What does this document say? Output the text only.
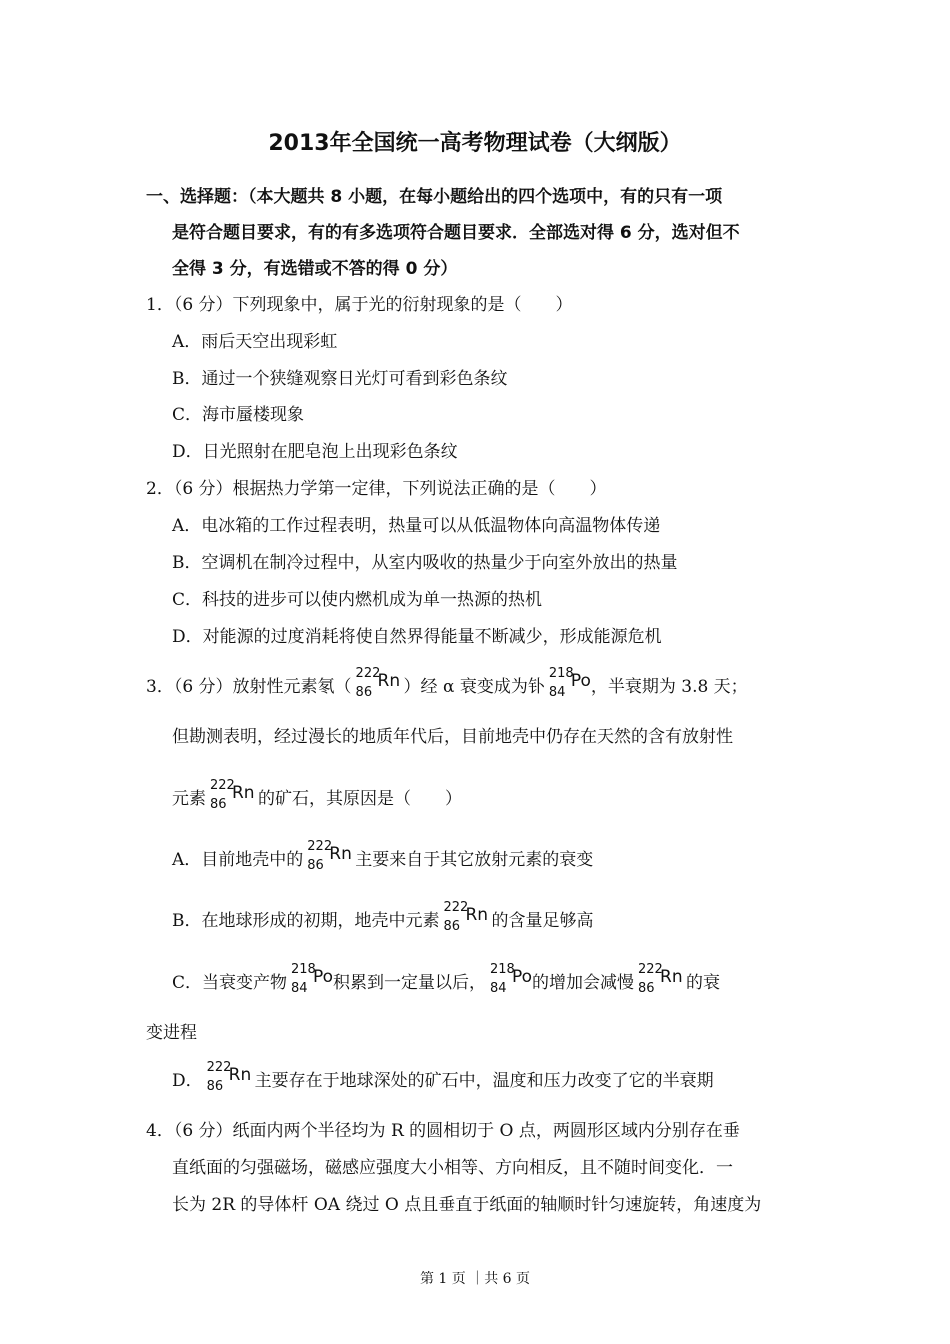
2013年全国统一高考物理试卷（大纲版）
一、选择题：（本大题共 8 小题，在每小题给出的四个选项中，有的只有一项
是符合题目要求，有的有多选项符合题目要求．全部选对得 6 分，选对但不
全得 3 分，有选错或不答的得 0 分）
1．（6 分）下列现象中，属于光的衍射现象的是（　　）
A．雨后天空出现彩虹
B．通过一个狭缝观察日光灯可看到彩色条纹
C．海市蜃楼现象
D．日光照射在肥皂泡上出现彩色条纹
2．（6 分）根据热力学第一定律，下列说法正确的是（　　）
A．电冰箱的工作过程表明，热量可以从低温物体向高温物体传递
B．空调机在制冷过程中，从室内吸收的热量少于向室外放出的热量
C．科技的进步可以使内燃机成为单一热源的热机
D．对能源的过度消耗将使自然界得能量不断减少，形成能源危机
3．（6 分）放射性元素氡（
222
86
Rn ）经 α 衰变成为钋
218
84
Po ，半衰期为 3.8 天；
但勘测表明，经过漫长的地质年代后，目前地壳中仍存在天然的含有放射性
元素
222
86
Rn 的矿石，其原因是（　　）
A．目前地壳中的
222
86
Rn 主要来自于其它放射元素的衰变
B．在地球形成的初期，地壳中元素
222
86
Rn 的含量足够高
C．当衰变产物
218
84
Po 积累到一定量以后，
218
84
Po 的增加会减慢
222
86
Rn 的衰
变进程
D．
222
86
Rn 主要存在于地球深处的矿石中，温度和压力改变了它的半衰期
4．（6 分）纸面内两个半径均为 R 的圆相切于 O 点，两圆形区域内分别存在垂
直纸面的匀强磁场，磁感应强度大小相等、方向相反，且不随时间变化．一
长为 2R 的导体杆 OA 绕过 O 点且垂直于纸面的轴顺时针匀速旋转，角速度为
第 1 页 ｜共 6 页
